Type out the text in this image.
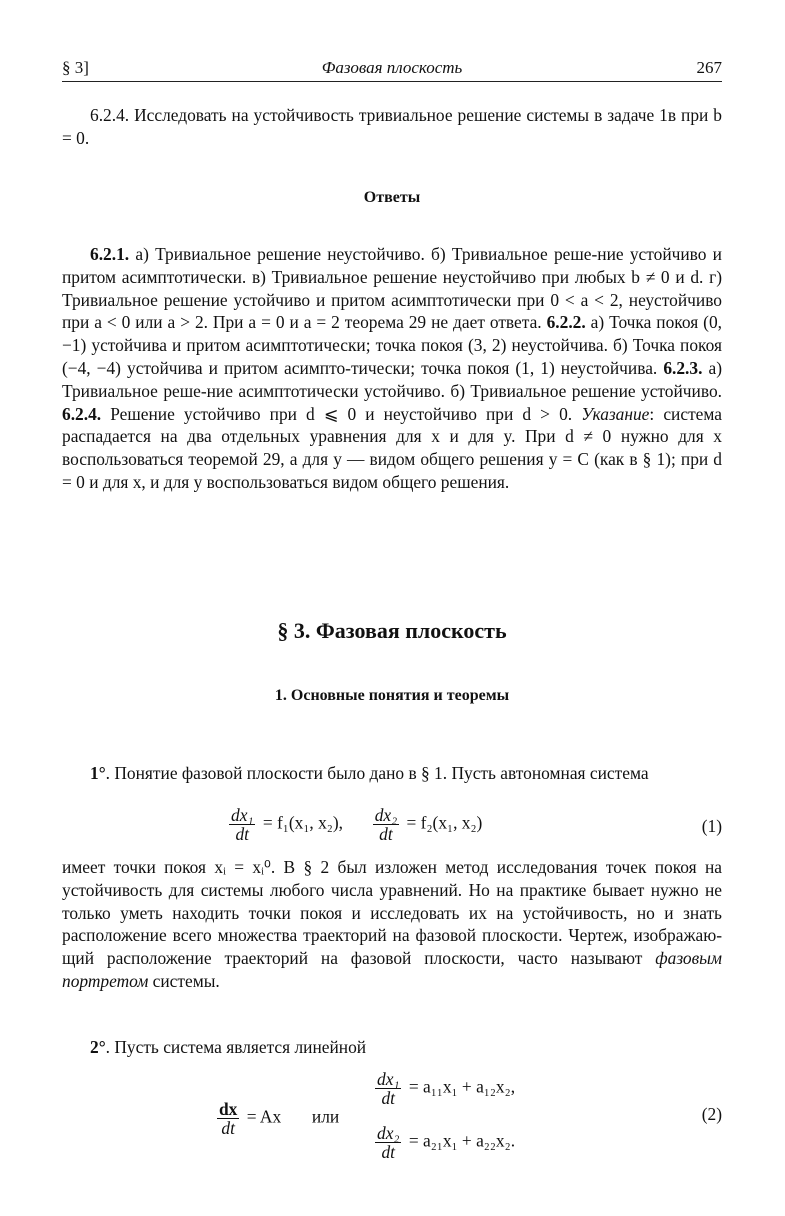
§ 3]	Фазовая плоскость	267
6.2.4. Исследовать на устойчивость тривиальное решение системы в задаче 1в при b = 0.
Ответы
6.2.1. а) Тривиальное решение неустойчиво. б) Тривиальное реше-ние устойчиво и притом асимптотически. в) Тривиальное решение неустойчиво при любых b ≠ 0 и d. г) Тривиальное решение устойчиво и притом асимптотически при 0 < a < 2, неустойчиво при a < 0 или a > 2. При a = 0 и a = 2 теорема 29 не дает ответа. 6.2.2. а) Точка покоя (0, −1) устойчива и притом асимптотически; точка покоя (3, 2) неустойчива. б) Точка покоя (−4, −4) устойчива и притом асимпто-тически; точка покоя (1, 1) неустойчива. 6.2.3. а) Тривиальное реше-ние асимптотически устойчиво. б) Тривиальное решение устойчиво. 6.2.4. Решение устойчиво при d ⩽ 0 и неустойчиво при d > 0. Указание: система распадается на два отдельных уравнения для x и для y. При d ≠ 0 нужно для x воспользоваться теоремой 29, а для y — видом общего решения y = C (как в § 1); при d = 0 и для x, и для y воспользоваться видом общего решения.
§ 3. Фазовая плоскость
1. Основные понятия и теоремы
1°. Понятие фазовой плоскости было дано в § 1. Пусть автономная система
$\frac{\text{dx₁}}{dt} = f_1(x_1$, x₂), $\frac{\text{dx₂}}{dt} = f_2(x_1$, x₂)	(1)
имеет точки покоя xᵢ = xᵢ⁰. В § 2 был изложен метод исследования точек покоя на устойчивость для системы любого числа уравнений. Но на практике бывает нужно не только уметь находить точки покоя и исследовать их на устойчивость, но и знать расположение всего множества траекторий на фазовой плоскости. Чертеж, изображаю-щий расположение траекторий на фазовой плоскости, часто называют фазовым портретом системы.
2°. Пусть система является линейной
$\frac{dx}{dt} = Ax$ или
$\frac{\text{dx₁}}{dt} = a_{11}x_1 + a_{12}x_2$,
$\frac{\text{dx₂}}{dt} = a_{21}x_1 + a_{22}x_2$.
(2)
